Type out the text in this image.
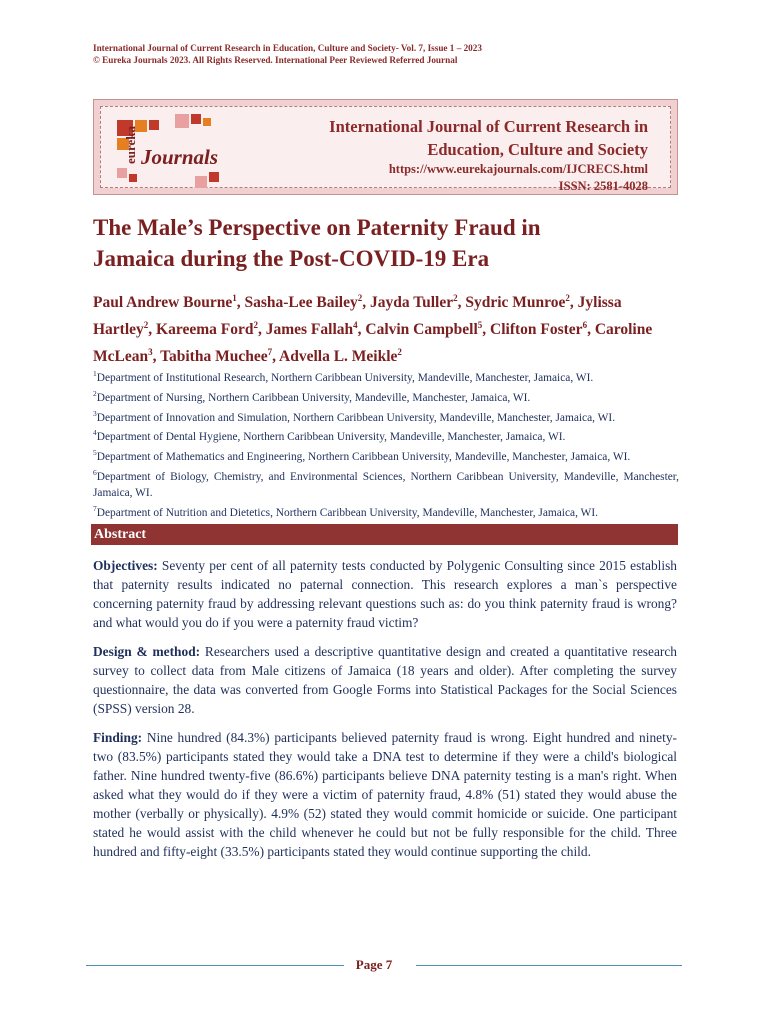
International Journal of Current Research in Education, Culture and Society- Vol. 7, Issue 1 – 2023
© Eureka Journals 2023. All Rights Reserved. International Peer Reviewed Referred Journal
eureka Journals
International Journal of Current Research in
Education, Culture and Society
https://www.eurekajournals.com/IJCRECS.html
ISSN: 2581-4028
The Male’s Perspective on Paternity Fraud in
Jamaica during the Post-COVID-19 Era
Paul Andrew Bourne$^1$, Sasha-Lee Bailey$^2$, Jayda Tuller$^2$, Sydric Munroe$^2$, Jylissa Hartley$^2$, Kareema Ford$^2$, James Fallah$^4$, Calvin Campbell$^5$, Clifton Foster$^6$, Caroline McLean$^3$, Tabitha Muchee$^7$, Advella L. Meikle$^2$
$^1$Department of Institutional Research, Northern Caribbean University, Mandeville, Manchester, Jamaica, WI.
$^2$Department of Nursing, Northern Caribbean University, Mandeville, Manchester, Jamaica, WI.
$^3$Department of Innovation and Simulation, Northern Caribbean University, Mandeville, Manchester, Jamaica, WI.
$^4$Department of Dental Hygiene, Northern Caribbean University, Mandeville, Manchester, Jamaica, WI.
$^5$Department of Mathematics and Engineering, Northern Caribbean University, Mandeville, Manchester, Jamaica, WI.
$^6$Department of Biology, Chemistry, and Environmental Sciences, Northern Caribbean University, Mandeville, Manchester, Jamaica, WI.
$^7$Department of Nutrition and Dietetics, Northern Caribbean University, Mandeville, Manchester, Jamaica, WI.
Abstract

Objectives: Seventy per cent of all paternity tests conducted by Polygenic Consulting since 2015 establish that paternity results indicated no paternal connection. This research explores a man`s perspective concerning paternity fraud by addressing relevant questions such as: do you think paternity fraud is wrong? and what would you do if you were a paternity fraud victim?

Design & method: Researchers used a descriptive quantitative design and created a quantitative research survey to collect data from Male citizens of Jamaica (18 years and older). After completing the survey questionnaire, the data was converted from Google Forms into Statistical Packages for the Social Sciences (SPSS) version 28.

Finding: Nine hundred (84.3%) participants believed paternity fraud is wrong. Eight hundred and ninety-two (83.5%) participants stated they would take a DNA test to determine if they were a child's biological father. Nine hundred twenty-five (86.6%) participants believe DNA paternity testing is a man's right. When asked what they would do if they were a victim of paternity fraud, 4.8% (51) stated they would abuse the mother (verbally or physically). 4.9% (52) stated they would commit homicide or suicide. One participant stated he would assist with the child whenever he could but not be fully responsible for the child. Three hundred and fifty-eight (33.5%) participants stated they would continue supporting the child.

Page 7
